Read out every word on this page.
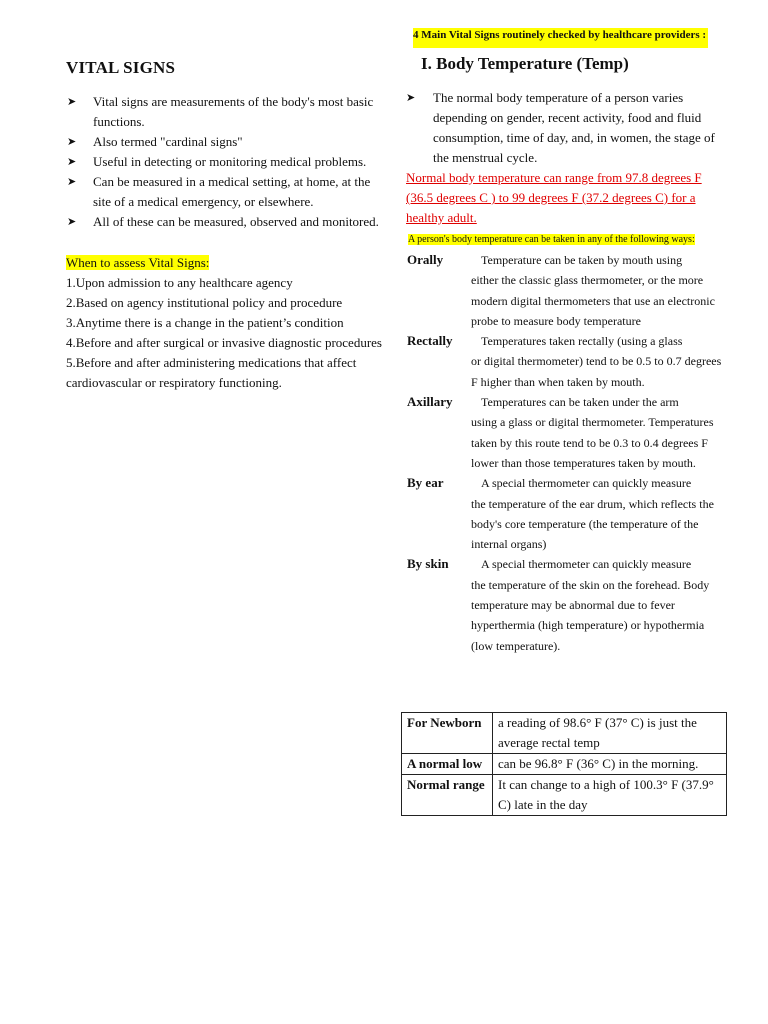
VITAL SIGNS
➤ Vital signs are measurements of the body's most basic functions.
➤ Also termed "cardinal signs"
➤ Useful in detecting or monitoring medical problems.
➤ Can be measured in a medical setting, at home, at the site of a medical emergency, or elsewhere.
➤ All of these can be measured, observed and monitored.
When to assess Vital Signs:
1.Upon admission to any healthcare agency
2.Based on agency institutional policy and procedure
3.Anytime there is a change in the patient’s condition
4.Before and after surgical or invasive diagnostic procedures
5.Before and after administering medications that affect cardiovascular or respiratory functioning.
4 Main Vital Signs routinely checked by healthcare providers :
I. Body Temperature (Temp)
➤ The normal body temperature of a person varies depending on gender, recent activity, food and fluid consumption, time of day, and, in women, the stage of the menstrual cycle.
Normal body temperature can range from 97.8 degrees F (36.5 degrees C ) to 99 degrees F (37.2 degrees C) for a healthy adult.
A person's body temperature can be taken in any of the following ways:
Orally	Temperature can be taken by mouth using
either the classic glass thermometer, or the more modern digital thermometers that use an electronic probe to measure body temperature
Rectally	Temperatures taken rectally (using a glass
or digital thermometer) tend to be 0.5 to 0.7 degrees F higher than when taken by mouth.
Axillary	Temperatures can be taken under the arm
using a glass or digital thermometer. Temperatures taken by this route tend to be 0.3 to 0.4 degrees F lower than those temperatures taken by mouth.
By ear	A special thermometer can quickly measure
the temperature of the ear drum, which reflects the body's core temperature (the temperature of the internal organs)
By skin	A special thermometer can quickly measure
the temperature of the skin on the forehead. Body temperature may be abnormal due to fever hyperthermia (high temperature) or hypothermia (low temperature).
For Newborn	a reading of 98.6° F (37° C) is just the average rectal temp
A normal low	can be 96.8° F (36° C) in the morning.
Normal range	It can change to a high of 100.3° F (37.9° C) late in the day
